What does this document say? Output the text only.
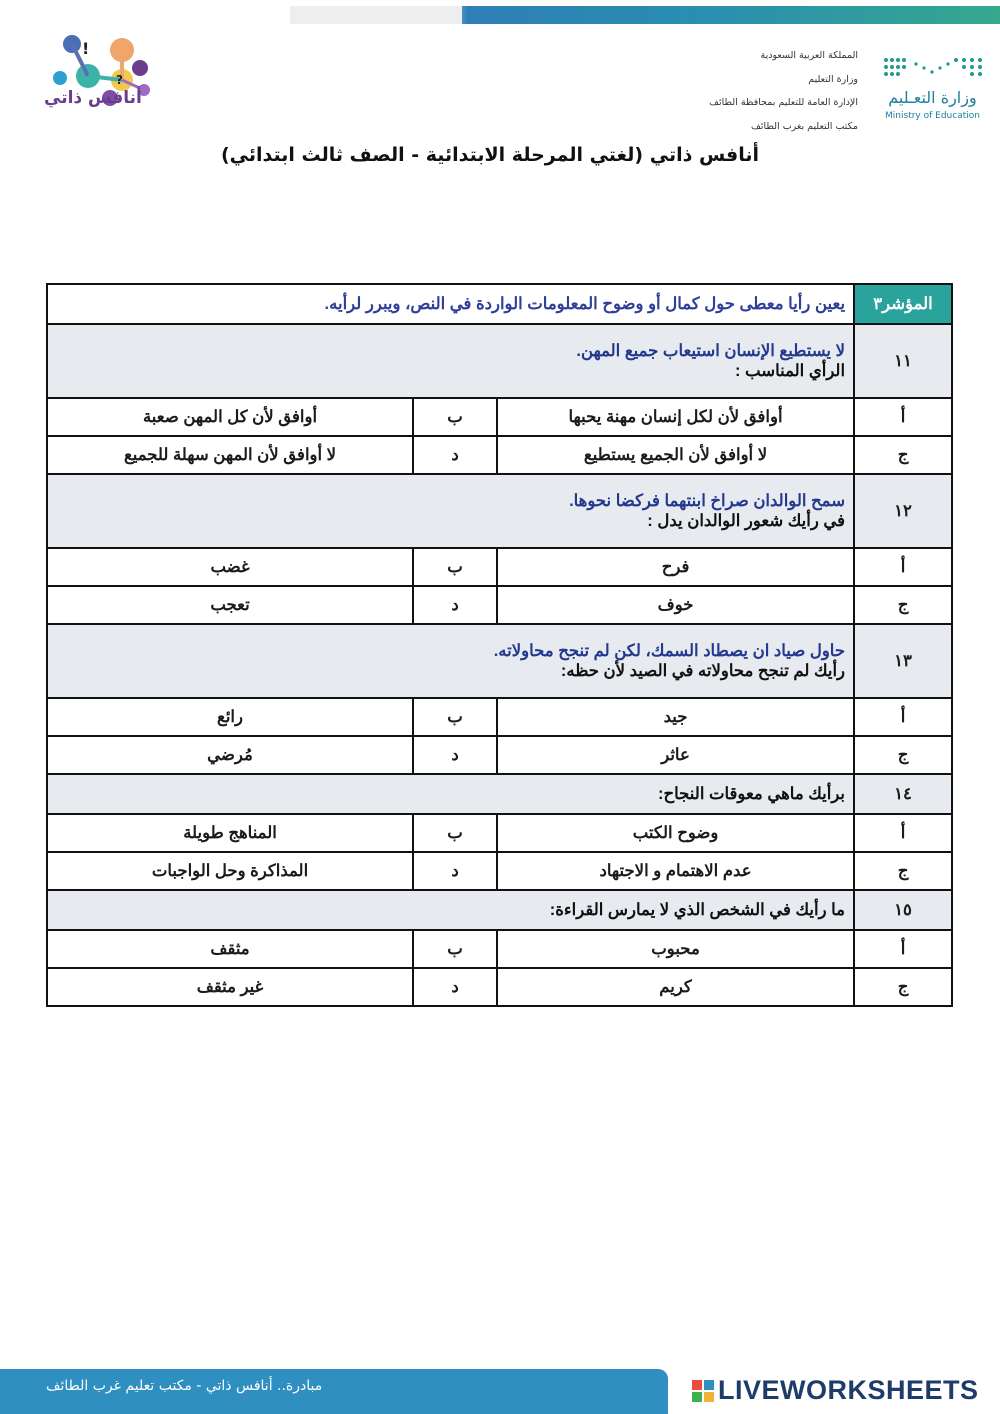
!
?
أنافس ذاتي	وزارة التعـليم
Ministry of Education
المملكة العربية السعودية
وزارة التعليم
الإدارة العامة للتعليم بمحافظة الطائف
مكتب التعليم بغرب الطائف
أنافس ذاتي (لغتي المرحلة الابتدائية - الصف ثالث ابتدائي)
المؤشر٣	يعين رأيا معطى حول كمال أو وضوح المعلومات الواردة في النص، ويبرر لرأيه.		
١١	لا يستطيع الإنسان استيعاب جميع المهن.
الرأي المناسب :		

أ	أوافق لأن لكل إنسان مهنة يحبها	ب	أوافق لأن كل المهن صعبة
ج	لا أوافق لأن الجميع يستطيع	د	لا أوافق لأن المهن سهلة للجميع
١٢	سمح الوالدان صراخ ابنتهما فركضا نحوها.
في رأيك شعور الوالدان يدل :		

أ	فرح	ب	غضب
ج	خوف	د	تعجب
١٣	حاول صياد ان يصطاد السمك، لكن لم تنجح محاولاته.
رأيك لم تنجح محاولاته في الصيد لأن حظه:		

أ	جيد	ب	رائع
ج	عاثر	د	مُرضي
١٤	برأيك ماهي معوقات النجاح:		

أ	وضوح الكتب	ب	المناهج طويلة
ج	عدم الاهتمام و الاجتهاد	د	المذاكرة وحل الواجبات
١٥	ما رأيك في الشخص الذي لا يمارس القراءة:		

أ	محبوب	ب	مثقف
ج	كريم	د	غير مثقف
مبادرة.. أنافس ذاتي - مكتب تعليم غرب الطائف	LIVEWORKSHEETS
